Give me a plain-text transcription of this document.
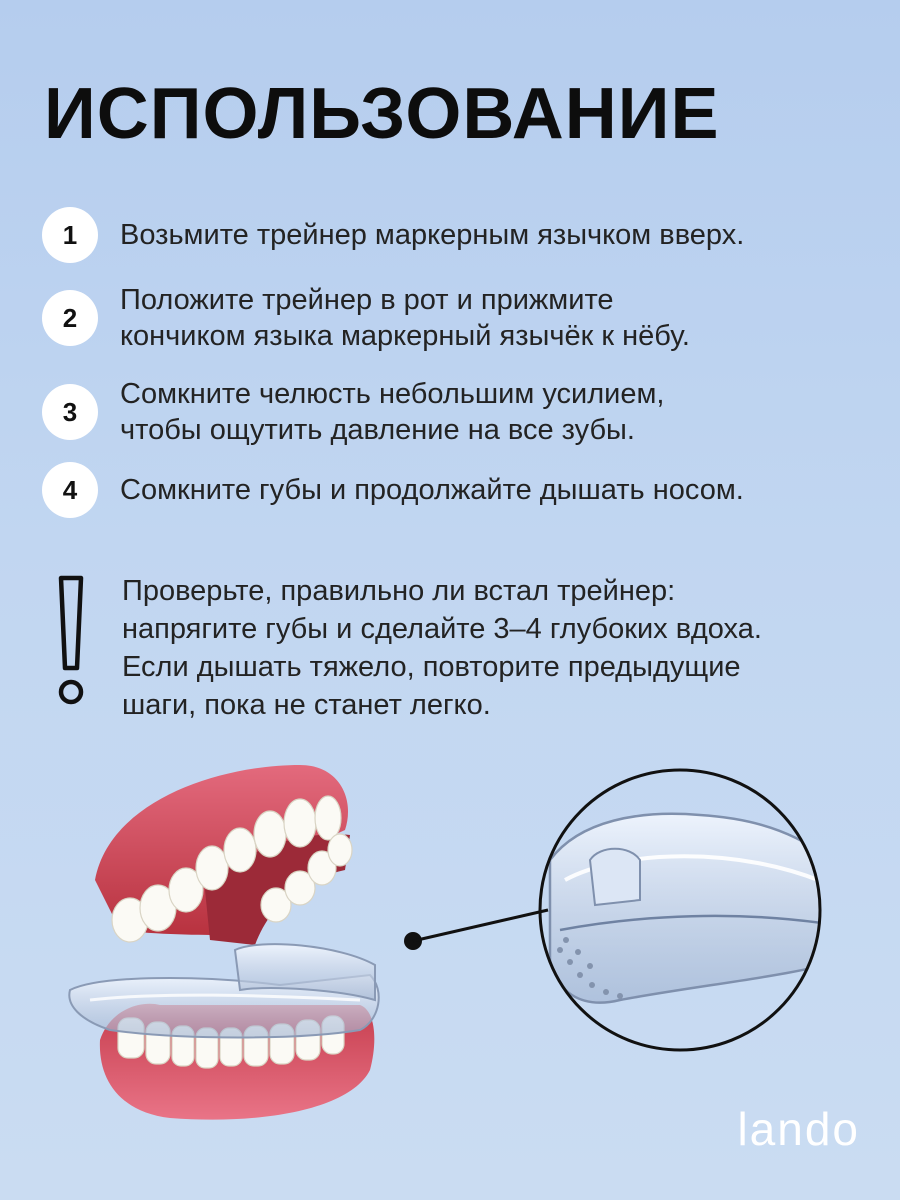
ИСПОЛЬЗОВАНИЕ
1	Возьмите трейнер маркерным язычком вверх.
2
Положите трейнер в рот и прижмите
кончиком языка маркерный язычёк к нёбу.
3
Сомкните челюсть небольшим усилием,
чтобы ощутить давление на все зубы.
4	Сомкните губы и продолжайте дышать носом.
Проверьте, правильно ли встал трейнер:
напрягите губы и сделайте 3–4 глубоких вдоха.
Если дышать тяжело, повторите предыдущие
шаги, пока не станет легко.
lando
